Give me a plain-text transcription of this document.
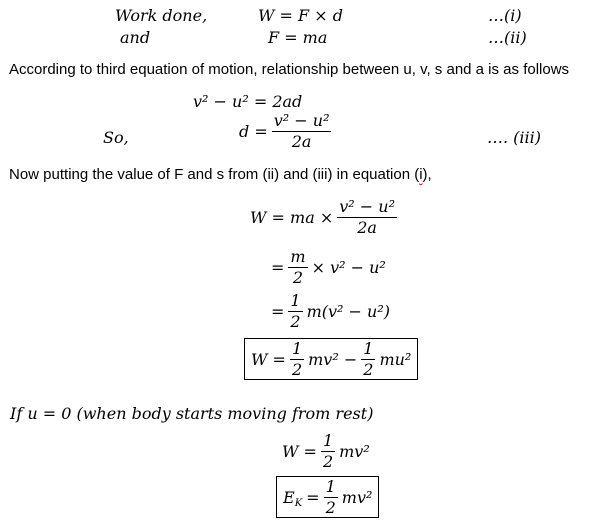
Work done,	W = F × d	…(i)
and	F = ma	…(ii)
According to third equation of motion, relationship between u, v, s and a is as follows
v² − u² = 2ad
So,	$d = \frac{\text{v² − u²}}{2a}$	…. (iii)
Now putting the value of F and s from (ii) and (iii) in equation (i),
W = ma × $\frac{\text{v² − u²}}{2a}$
= $\frac{m}{2} \times v^2 - u^2$
= $\frac{1}{2} m(v^2 - u^2)$
$W = \frac{1}{2} mv^2 - \frac{1}{2} mu^2$
If u = 0 (when body starts moving from rest)
$W = \frac{1}{2} mv^2$
$E_K = \frac{1}{2} mv^2$
